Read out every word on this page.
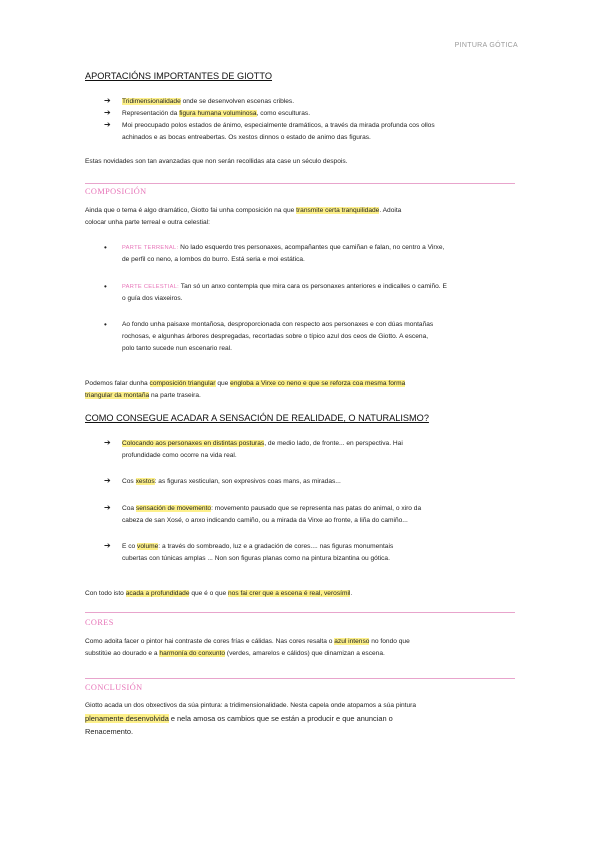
PINTURA GÓTICA
APORTACIÓNS IMPORTANTES DE GIOTTO
➔ Tridimensionalidade onde se desenvolven escenas cribles.
➔ Representación da figura humana voluminosa, como esculturas.
➔ Moi preocupado polos estados de ánimo, especialmente dramáticos, a través da mirada profunda cos ollos
achinados e as bocas entreabertas. Os xestos dinnos o estado de animo das figuras.
Estas novidades son tan avanzadas que non serán recollidas ata case un século despois.
COMPOSICIÓN
Ainda que o tema é algo dramático, Giotto fai unha composición na que transmite certa tranquilidade. Adoita
colocar unha parte terreal e outra celestial:
•	PARTE TERRENAL: No lado esquerdo tres personaxes, acompañantes que camiñan e falan, no centro a Virxe,
de perfil co neno, a lombos do burro. Está seria e moi estática.
•	PARTE CELESTIAL: Tan só un anxo contempla que mira cara os personaxes anteriores e indicalles o camiño. E
o guía dos viaxeiros.
• Ao fondo unha paisaxe montañosa, desproporcionada con respecto aos personaxes e con dúas montañas
rochosas, e algunhas árbores despregadas, recortadas sobre o típico azul dos ceos de Giotto. A escena,
polo tanto sucede nun escenario real.
Podemos falar dunha composición triangular que engloba a Virxe co neno e que se reforza coa mesma forma
triangular da montaña na parte traseira.
COMO CONSEGUE ACADAR A SENSACIÓN DE REALIDADE, O NATURALISMO?
➔ Colocando aos personaxes en distintas posturas, de medio lado, de fronte... en perspectiva. Hai
profundidade como ocorre na vida real.
➔ Cos xestos: as figuras xesticulan, son expresivos coas mans, as miradas...
➔ Coa sensación de movemento: movemento pausado que se representa nas patas do animal, o xiro da
cabeza de san Xosé, o anxo indicando camiño, ou a mirada da Virxe ao fronte, a liña do camiño...
➔ E co volume: a través do sombreado, luz e a gradación de cores.... nas figuras monumentais
cubertas con túnicas amplas ... Non son figuras planas como na pintura bizantina ou gótica.
Con todo isto acada a profundidade que é o que nos fai crer que a escena é real, verosímil.
CORES
Como adoita facer o pintor hai contraste de cores frías e cálidas. Nas cores resalta o azul intenso no fondo que
substitúe ao dourado e a harmonía do conxunto (verdes, amarelos e cálidos) que dinamizan a escena.
CONCLUSIÓN
Giotto acada un dos obxectivos da súa pintura: a tridimensionalidade. Nesta capela onde atopamos a súa pintura
plenamente desenvolvida e nela amosa os cambios que se están a producir e que anuncian o
Renacemento.
